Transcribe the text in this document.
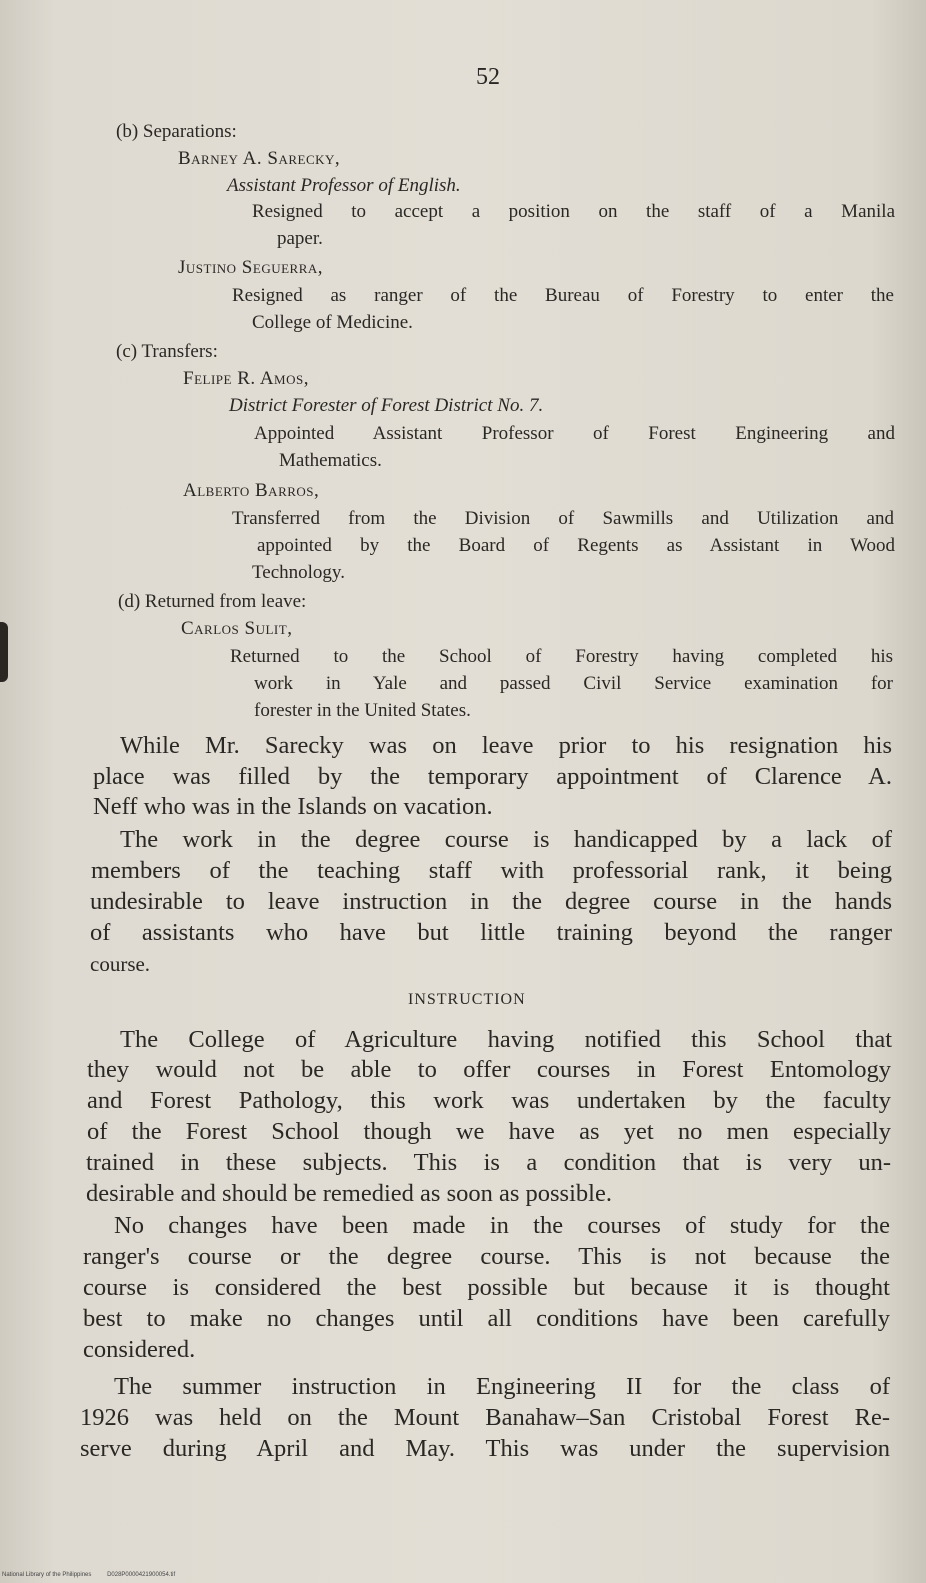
52
(b) Separations:
Barney A. Sarecky,
Assistant Professor of English.
Resigned to accept a position on the staff of a Manila
paper.
Justino Seguerra,
Resigned as ranger of the Bureau of Forestry to enter the
College of Medicine.
(c) Transfers:
Felipe R. Amos,
District Forester of Forest District No. 7.
Appointed Assistant Professor of Forest Engineering and
Mathematics.
Alberto Barros,
Transferred from the Division of Sawmills and Utilization and
appointed by the Board of Regents as Assistant in Wood
Technology.
(d) Returned from leave:
Carlos Sulit,
Returned to the School of Forestry having completed his
work in Yale and passed Civil Service examination for
forester in the United States.
While Mr. Sarecky was on leave prior to his resignation his
place was filled by the temporary appointment of Clarence A.
Neff who was in the Islands on vacation.
The work in the degree course is handicapped by a lack of
members of the teaching staff with professorial rank, it being
undesirable to leave instruction in the degree course in the hands
of assistants who have but little training beyond the ranger
course.
INSTRUCTION
The College of Agriculture having notified this School that
they would not be able to offer courses in Forest Entomology
and Forest Pathology, this work was undertaken by the faculty
of the Forest School though we have as yet no men especially
trained in these subjects. This is a condition that is very un-
desirable and should be remedied as soon as possible.
No changes have been made in the courses of study for the
ranger's course or the degree course. This is not because the
course is considered the best possible but because it is thought
best to make no changes until all conditions have been carefully
considered.
The summer instruction in Engineering II for the class of
1926 was held on the Mount Banahaw–San Cristobal Forest Re-
serve during April and May. This was under the supervision
National Library of the Philippines	D028P0000421900054.tif
